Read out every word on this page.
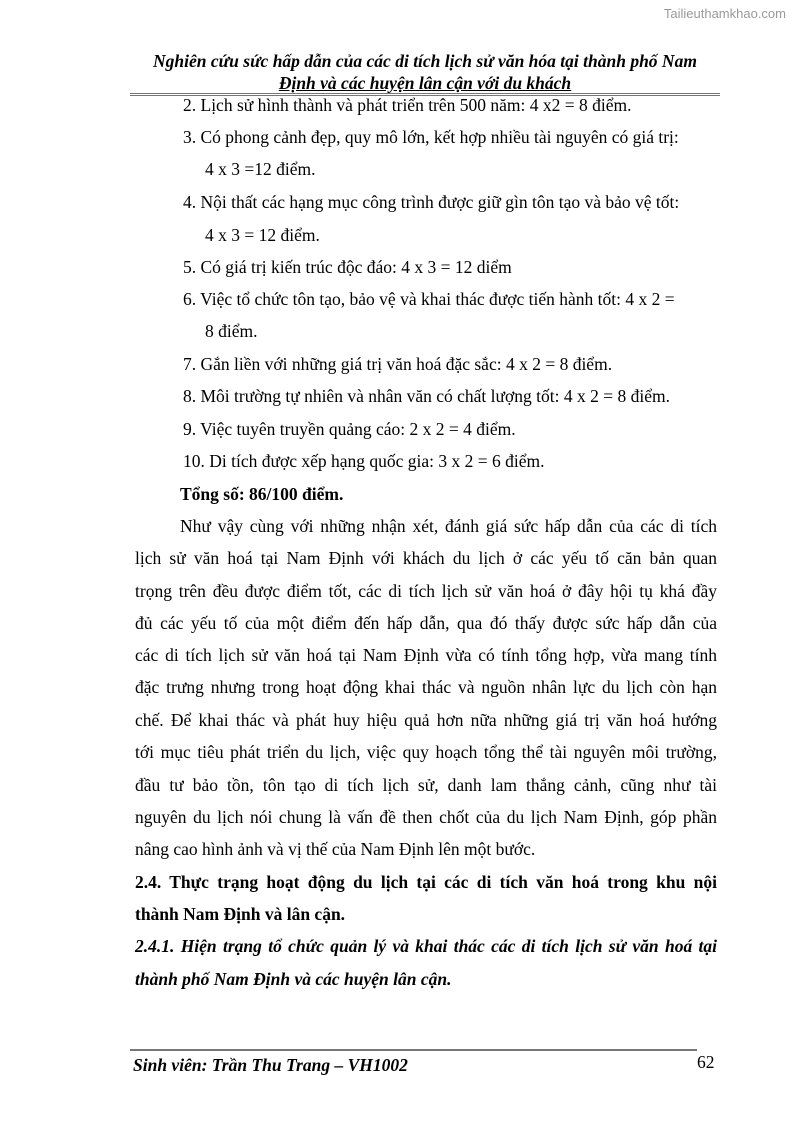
Tailieuthamkhao.com
Nghiên cứu sức hấp dẫn của các di tích lịch sử văn hóa tại thành phố Nam
Định và các huyện lân cận với du khách
2. Lịch sử hình thành và phát triển trên 500 năm: 4 x2 = 8 điểm.
3. Có phong cảnh đẹp, quy mô lớn, kết hợp nhiều tài nguyên có giá trị:
4 x 3 =12 điểm.
4. Nội thất các hạng mục công trình được giữ gìn tôn tạo và bảo vệ tốt:
4 x 3 = 12 điểm.
5. Có giá trị kiến trúc độc đáo: 4 x 3 = 12 diểm
6. Việc tổ chức tôn tạo, bảo vệ và khai thác được tiến hành tốt: 4 x 2 =
8 điểm.
7. Gắn liền với những giá trị văn hoá đặc sắc: 4 x 2 = 8 điểm.
8. Môi trường tự nhiên và nhân văn có chất lượng tốt: 4 x 2 = 8 điểm.
9. Việc tuyên truyền quảng cáo: 2 x 2 = 4 điểm.
10. Di tích được xếp hạng quốc gia: 3 x 2 = 6 điểm.
Tổng số: 86/100 điểm.
Như vậy cùng với những nhận xét, đánh giá sức hấp dẫn của các di tích
lịch sử văn hoá tại Nam Định với khách du lịch ở các yếu tố căn bản quan
trọng trên đều được điểm tốt, các di tích lịch sử văn hoá ở đây hội tụ khá đầy
đủ các yếu tố của một điểm đến hấp dẫn, qua đó thấy được sức hấp dẫn của
các di tích lịch sử văn hoá tại Nam Định vừa có tính tổng hợp, vừa mang tính
đặc trưng nhưng trong hoạt động khai thác và nguồn nhân lực du lịch còn hạn
chế. Để khai thác và phát huy hiệu quả hơn nữa những giá trị văn hoá hướng
tới mục tiêu phát triển du lịch, việc quy hoạch tổng thể tài nguyên môi trường,
đầu tư bảo tồn, tôn tạo di tích lịch sử, danh lam thắng cảnh, cũng như tài
nguyên du lịch nói chung là vấn đề then chốt của du lịch Nam Định, góp phần
nâng cao hình ảnh và vị thế của Nam Định lên một bước.
2.4. Thực trạng hoạt động du lịch tại các di tích văn hoá trong khu nội
thành Nam Định và lân cận.
2.4.1. Hiện trạng tổ chức quản lý và khai thác các di tích lịch sử văn hoá tại
thành phố Nam Định và các huyện lân cận.
Sinh viên: Trần Thu Trang – VH1002	62
